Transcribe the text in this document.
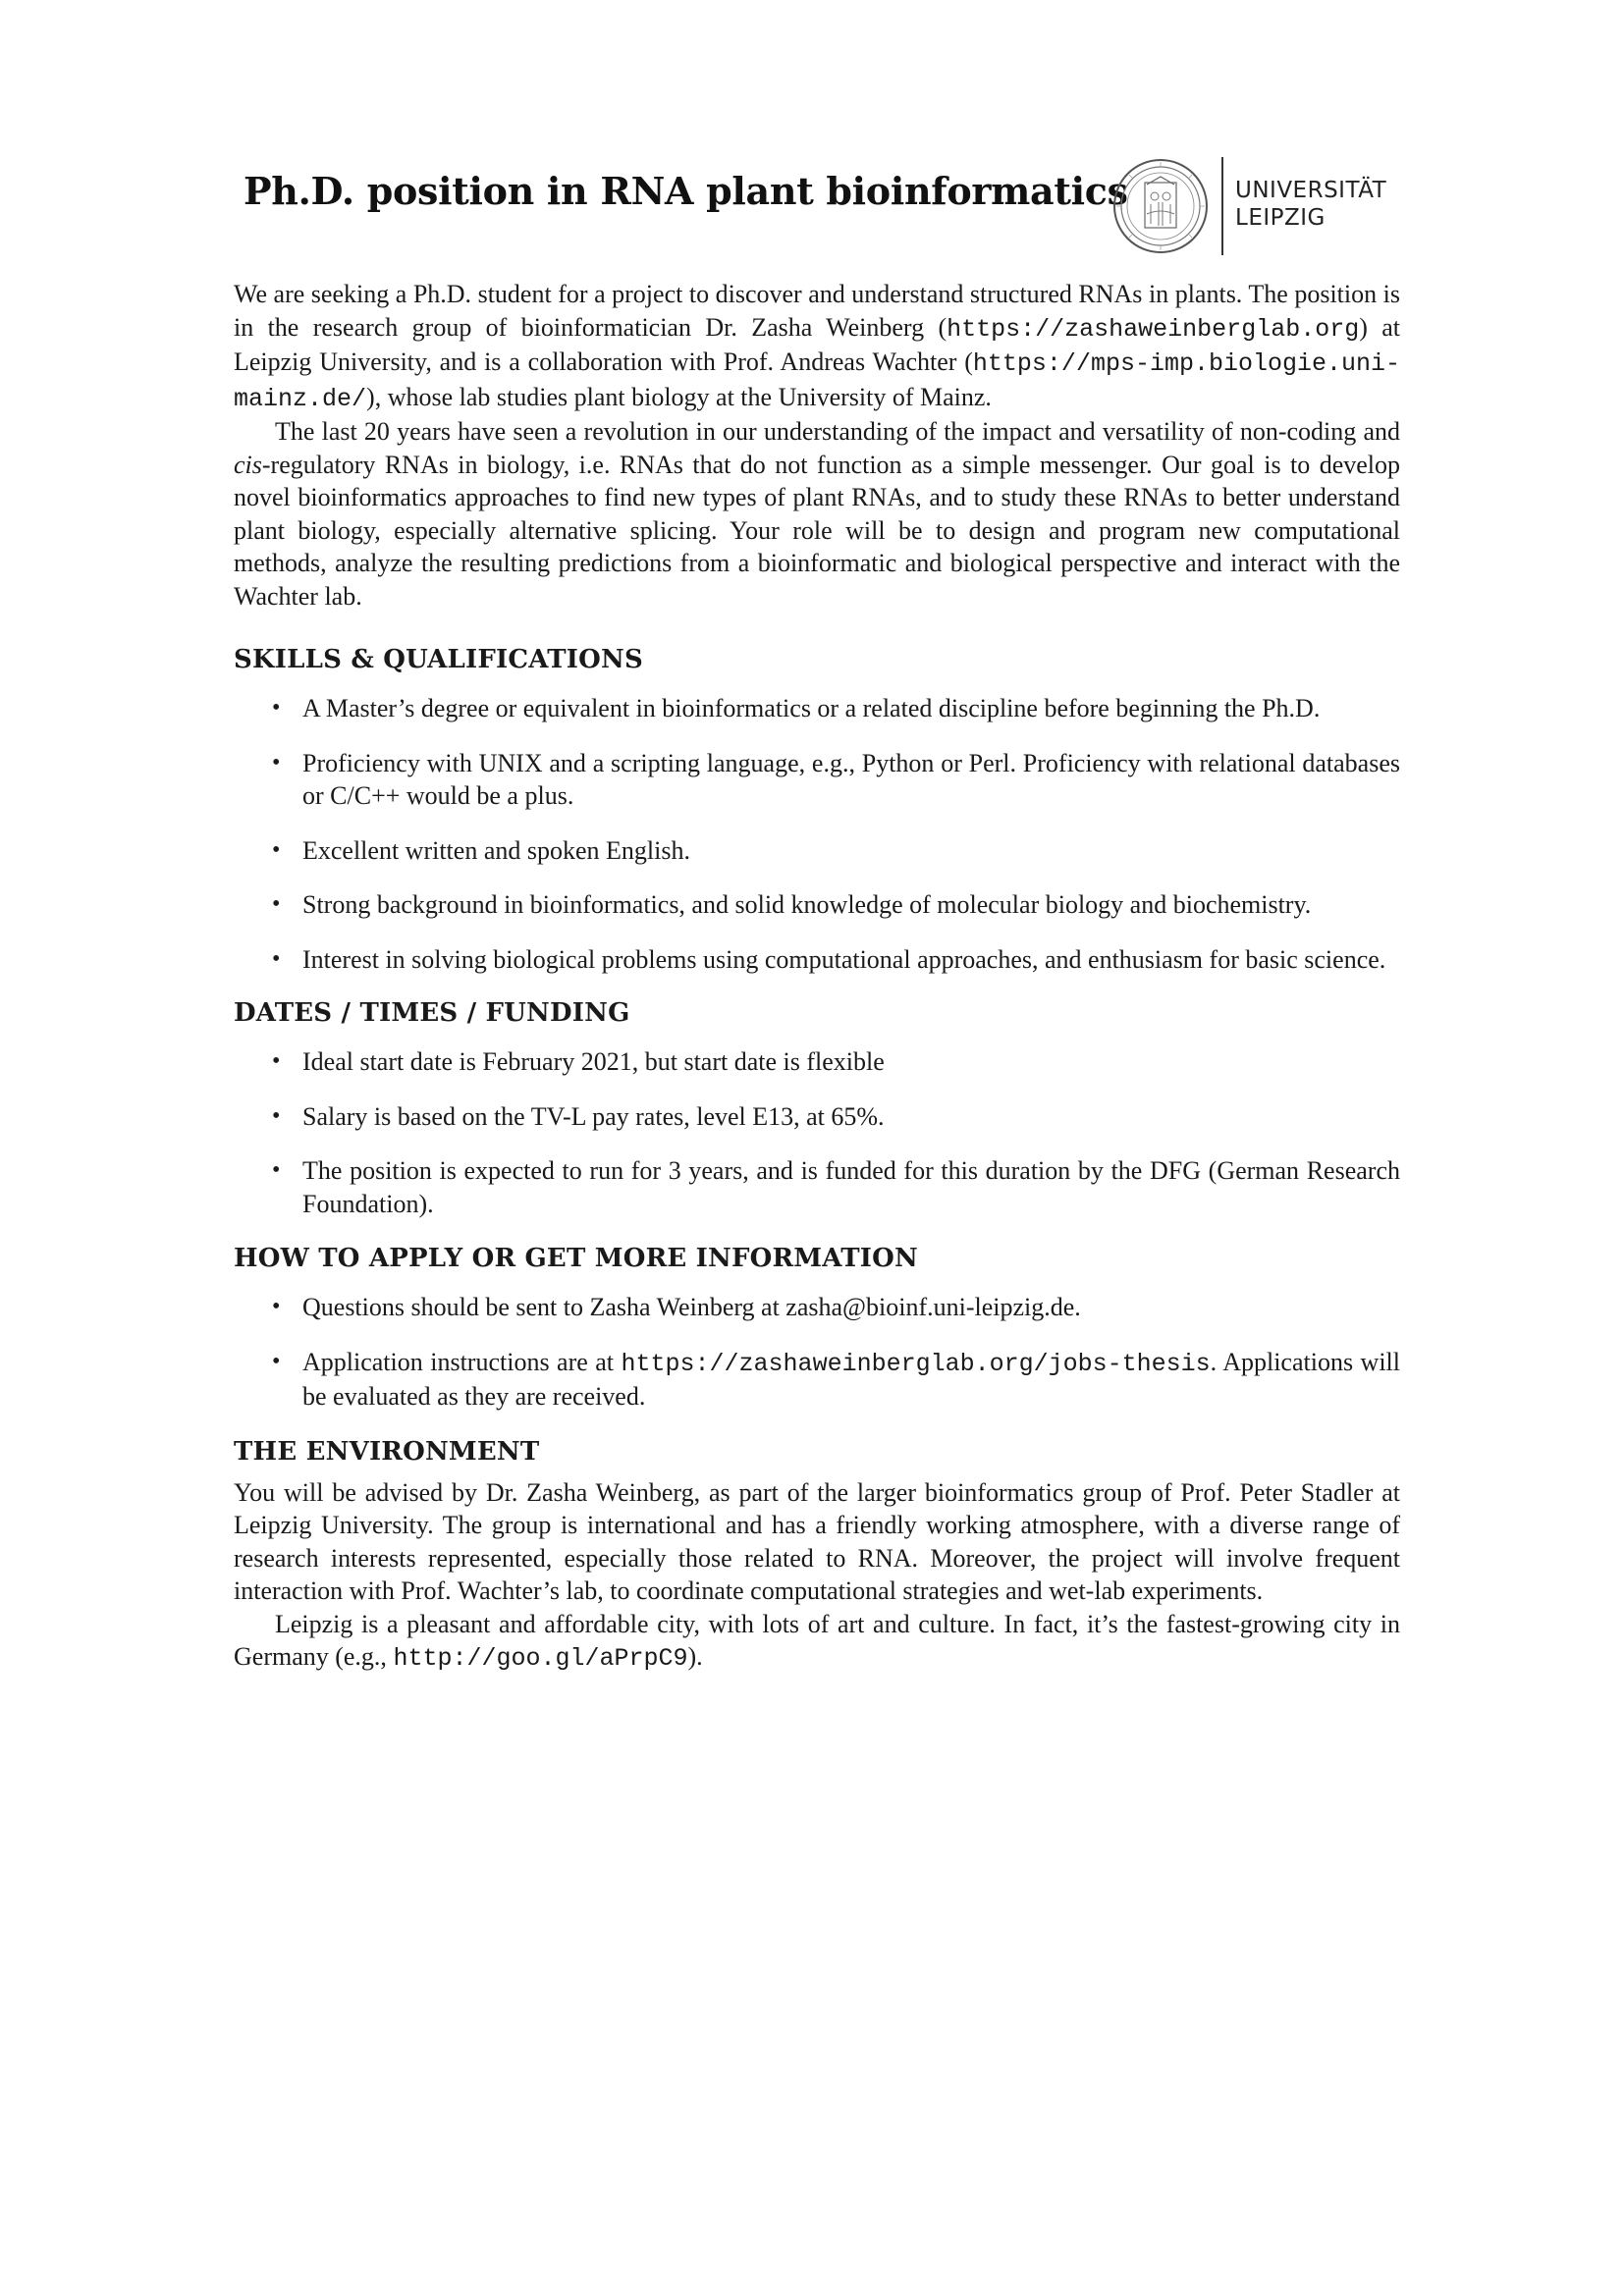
Ph.D. position in RNA plant bioinformatics	UNIVERSITÄT
LEIPZIG

We are seeking a Ph.D. student for a project to discover and understand structured RNAs in plants. The position is in the research group of bioinformatician Dr. Zasha Weinberg (https://zashaweinberglab.org) at Leipzig University, and is a collaboration with Prof. Andreas Wachter (https://mps-imp.biologie.uni-mainz.de/), whose lab studies plant biology at the University of Mainz.

The last 20 years have seen a revolution in our understanding of the impact and versatility of non-coding and cis-regulatory RNAs in biology, i.e. RNAs that do not function as a simple messenger. Our goal is to develop novel bioinformatics approaches to find new types of plant RNAs, and to study these RNAs to better understand plant biology, especially alternative splicing. Your role will be to design and program new computational methods, analyze the resulting predictions from a bioinformatic and biological perspective and interact with the Wachter lab.

SKILLS & QUALIFICATIONS
• A Master’s degree or equivalent in bioinformatics or a related discipline before beginning the Ph.D.
• Proficiency with UNIX and a scripting language, e.g., Python or Perl. Proficiency with relational databases or C/C++ would be a plus.
• Excellent written and spoken English.
• Strong background in bioinformatics, and solid knowledge of molecular biology and biochemistry.
• Interest in solving biological problems using computational approaches, and enthusiasm for basic science.
DATES / TIMES / FUNDING
• Ideal start date is February 2021, but start date is flexible
• Salary is based on the TV-L pay rates, level E13, at 65%.
• The position is expected to run for 3 years, and is funded for this duration by the DFG (German Research Foundation).
HOW TO APPLY OR GET MORE INFORMATION
• Questions should be sent to Zasha Weinberg at zasha@bioinf.uni-leipzig.de.
• Application instructions are at https://zashaweinberglab.org/jobs-thesis. Applications will be evaluated as they are received.
THE ENVIRONMENT

You will be advised by Dr. Zasha Weinberg, as part of the larger bioinformatics group of Prof. Peter Stadler at Leipzig University. The group is international and has a friendly working atmosphere, with a diverse range of research interests represented, especially those related to RNA. Moreover, the project will involve frequent interaction with Prof. Wachter’s lab, to coordinate computational strategies and wet-lab experiments.

Leipzig is a pleasant and affordable city, with lots of art and culture. In fact, it’s the fastest-growing city in Germany (e.g., http://goo.gl/aPrpC9).
